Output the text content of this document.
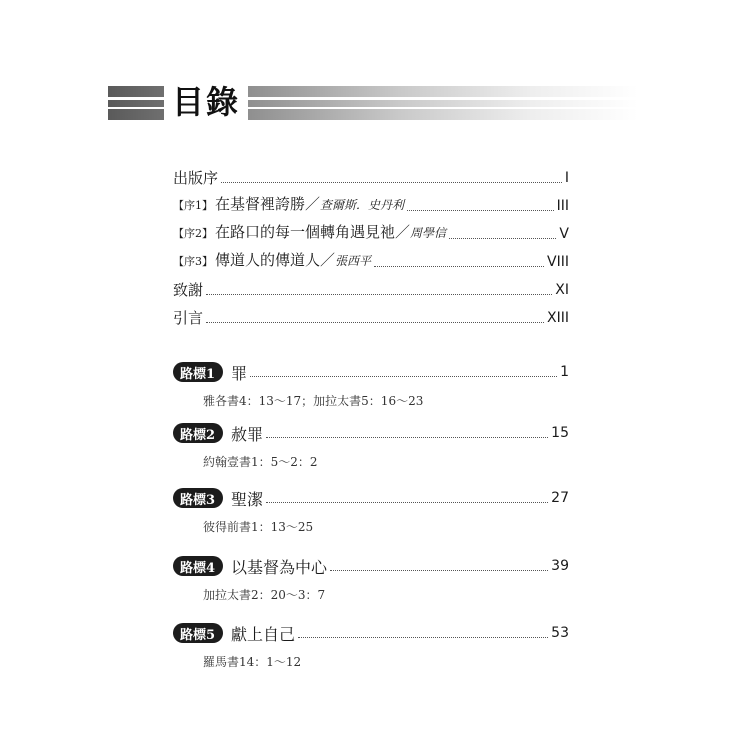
目錄
出版序	I
【序1】 在基督裡誇勝／查爾斯．史丹利	III
【序2】 在路口的每一個轉角遇見祂／周學信	V
【序3】 傳道人的傳道人／張西平	VIII
致謝	XI
引言	XIII
路標1	罪	1
雅各書4：13～17；加拉太書5：16～23
路標2	赦罪	15
約翰壹書1：5～2：2
路標3	聖潔	27
彼得前書1：13～25
路標4	以基督為中心	39
加拉太書2：20～3：7
路標5	獻上自己	53
羅馬書14：1～12
